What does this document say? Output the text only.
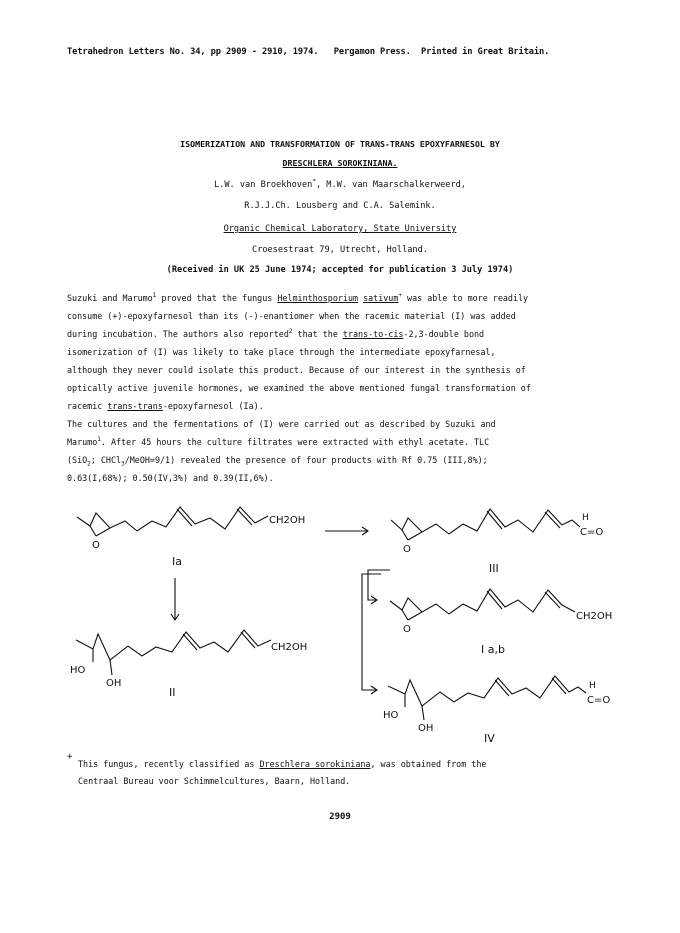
Tetrahedron Letters No. 34, pp 2909 - 2910, 1974. Pergamon Press. Printed in Great Britain.
ISOMERIZATION AND TRANSFORMATION OF TRANS-TRANS EPOXYFARNESOL BY
DRESCHLERA SOROKINIANA.
L.W. van Broekhoven*, M.W. van Maarschalkerweerd,
R.J.J.Ch. Lousberg and C.A. Salemink.
Organic Chemical Laboratory, State University
Croesestraat 79, Utrecht, Holland.
(Received in UK 25 June 1974; accepted for publication 3 July 1974)
Suzuki and Marumo$^1$ proved that the fungus Helminthosporium sativum+ was able to more readily
consume (+)-epoxyfarnesol than its (-)-enantiomer when the racemic material (I) was added
during incubation. The authors also reported$^2$ that the trans-to-cis-2,3-double bond
isomerization of (I) was likely to take place through the intermediate epoxyfarnesal,
although they never could isolate this product. Because of our interest in the synthesis of
optically active juvenile hormones, we examined the above mentioned fungal transformation of
racemic trans-trans-epoxyfarnesol (Ia).
The cultures and the fermentations of (I) were carried out as described by Suzuki and
Marumo$^1$. After 45 hours the culture filtrates were extracted with ethyl acetate. TLC
(SiO$_2$; CHCl$_3$/MeOH=9/1) revealed the presence of four products with Rf 0.75 (III,8%);
0.63(I,68%); 0.50(IV,3%) and 0.39(II,6%).
O
CH2OH
Ia
O
H
C=O
III
O
CH2OH
I a,b
HO
OH
CH2OH
II
HO
OH
H
C=O
IV
+
This fungus, recently classified as Dreschlera sorokiniana, was obtained from the
Centraal Bureau voor Schimmelcultures, Baarn, Holland.
2909
